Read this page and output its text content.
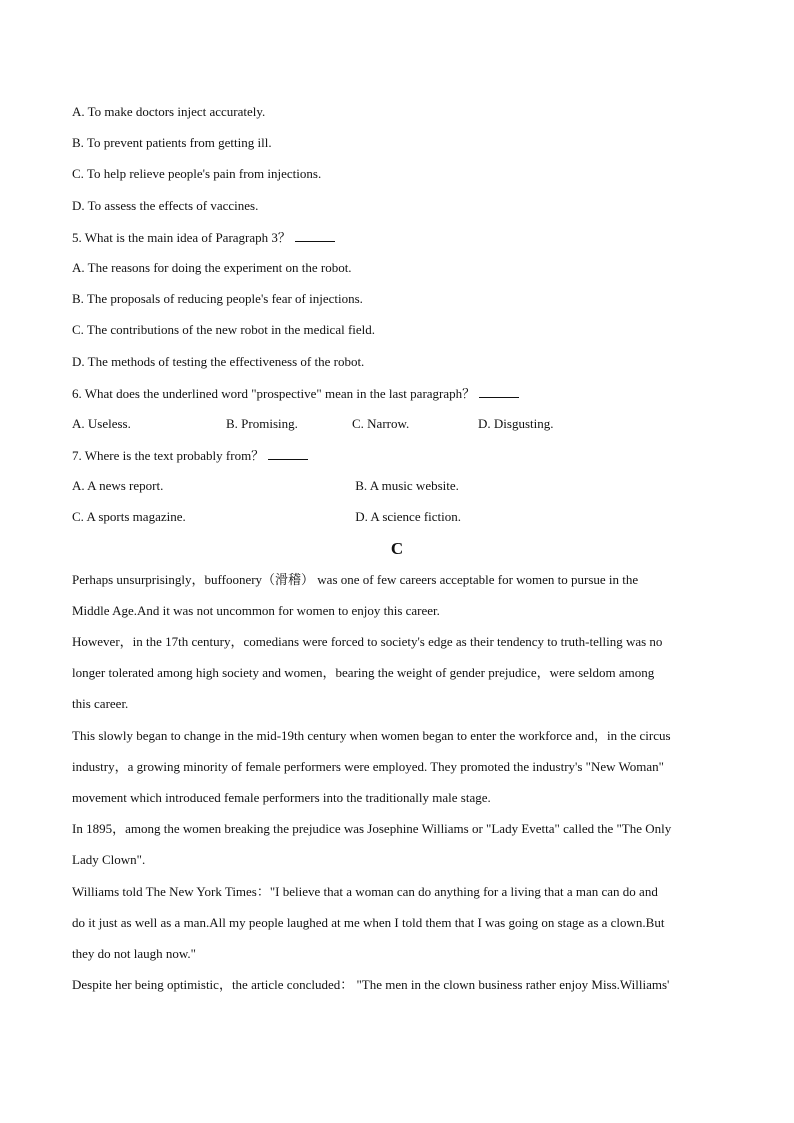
A. To make doctors inject accurately.
B. To prevent patients from getting ill.
C. To help relieve people's pain from injections.
D. To assess the effects of vaccines.
5. What is the main idea of Paragraph 3？
A. The reasons for doing the experiment on the robot.
B. The proposals of reducing people's fear of injections.
C. The contributions of the new robot in the medical field.
D. The methods of testing the effectiveness of the robot.
6. What does the underlined word "prospective" mean in the last paragraph？
A. Useless.	B. Promising.	C. Narrow.	D. Disgusting.
7. Where is the text probably from？
A. A news report.	B. A music website.
C. A sports magazine.	D. A science fiction.
C
Perhaps unsurprisingly，buffoonery（滑稽） was one of few careers acceptable for women to pursue in the
Middle Age.And it was not uncommon for women to enjoy this career.
However，in the 17th century，comedians were forced to society's edge as their tendency to truth-telling was no
longer tolerated among high society and women，bearing the weight of gender prejudice，were seldom among
this career.
This slowly began to change in the mid-19th century when women began to enter the workforce and，in the circus
industry，a growing minority of female performers were employed. They promoted the industry's "New Woman"
movement which introduced female performers into the traditionally male stage.
In 1895，among the women breaking the prejudice was Josephine Williams or "Lady Evetta" called the "The Only
Lady Clown".
Williams told The New York Times："I believe that a woman can do anything for a living that a man can do and
do it just as well as a man.All my people laughed at me when I told them that I was going on stage as a clown.But
they do not laugh now."
Despite her being optimistic，the article concluded： "The men in the clown business rather enjoy Miss.Williams'
